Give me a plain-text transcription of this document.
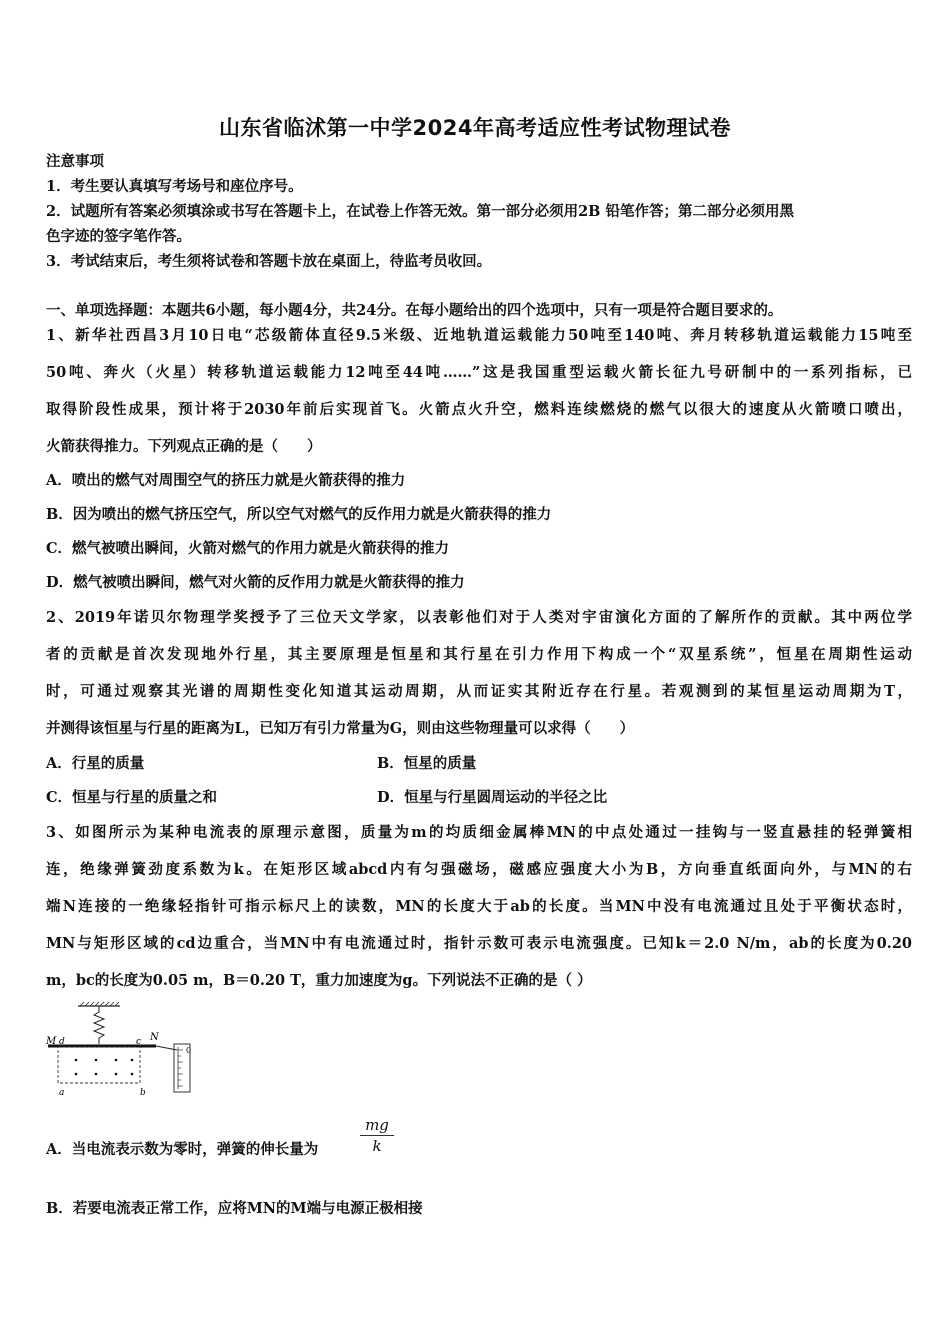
山东省临沭第一中学2024年高考适应性考试物理试卷
注意事项
1．考生要认真填写考场号和座位序号。
2．试题所有答案必须填涂或书写在答题卡上，在试卷上作答无效。第一部分必须用2B 铅笔作答；第二部分必须用黑
色字迹的签字笔作答。
3．考试结束后，考生须将试卷和答题卡放在桌面上，待监考员收回。
一、单项选择题：本题共6小题，每小题4分，共24分。在每小题给出的四个选项中，只有一项是符合题目要求的。
1、新华社西昌3月10日电“芯级箭体直径9.5米级、近地轨道运载能力50吨至140吨、奔月转移轨道运载能力15吨至
50吨、奔火（火星）转移轨道运载能力12吨至44吨……”这是我国重型运载火箭长征九号研制中的一系列指标，已
取得阶段性成果，预计将于2030年前后实现首飞。火箭点火升空，燃料连续燃烧的燃气以很大的速度从火箭喷口喷出，
火箭获得推力。下列观点正确的是（　　）
A．喷出的燃气对周围空气的挤压力就是火箭获得的推力
B．因为喷出的燃气挤压空气，所以空气对燃气的反作用力就是火箭获得的推力
C．燃气被喷出瞬间，火箭对燃气的作用力就是火箭获得的推力
D．燃气被喷出瞬间，燃气对火箭的反作用力就是火箭获得的推力
2、2019年诺贝尔物理学奖授予了三位天文学家，以表彰他们对于人类对宇宙演化方面的了解所作的贡献。其中两位学
者的贡献是首次发现地外行星，其主要原理是恒星和其行星在引力作用下构成一个“双星系统”，恒星在周期性运动
时，可通过观察其光谱的周期性变化知道其运动周期，从而证实其附近存在行星。若观测到的某恒星运动周期为T，
并测得该恒星与行星的距离为L，已知万有引力常量为G，则由这些物理量可以求得（　　）
A．行星的质量	B．恒星的质量
C．恒星与行星的质量之和	D．恒星与行星圆周运动的半径之比
3、如图所示为某种电流表的原理示意图，质量为m的均质细金属棒MN的中点处通过一挂钩与一竖直悬挂的轻弹簧相
连，绝缘弹簧劲度系数为k。在矩形区域abcd内有匀强磁场，磁感应强度大小为B，方向垂直纸面向外，与MN的右
端N连接的一绝缘轻指针可指示标尺上的读数，MN的长度大于ab的长度。当MN中没有电流通过且处于平衡状态时，
MN与矩形区域的cd边重合，当MN中有电流通过时，指针示数可表示电流强度。已知k＝2.0 N/m，ab的长度为0.20
m，bc的长度为0.05 m，B＝0.20 T，重力加速度为g。下列说法不正确的是（ ）
M d	c N
a	b
0
A．当电流表示数为零时，弹簧的伸长量为	$\frac{mg}{k}$
B．若要电流表正常工作，应将MN的M端与电源正极相接
